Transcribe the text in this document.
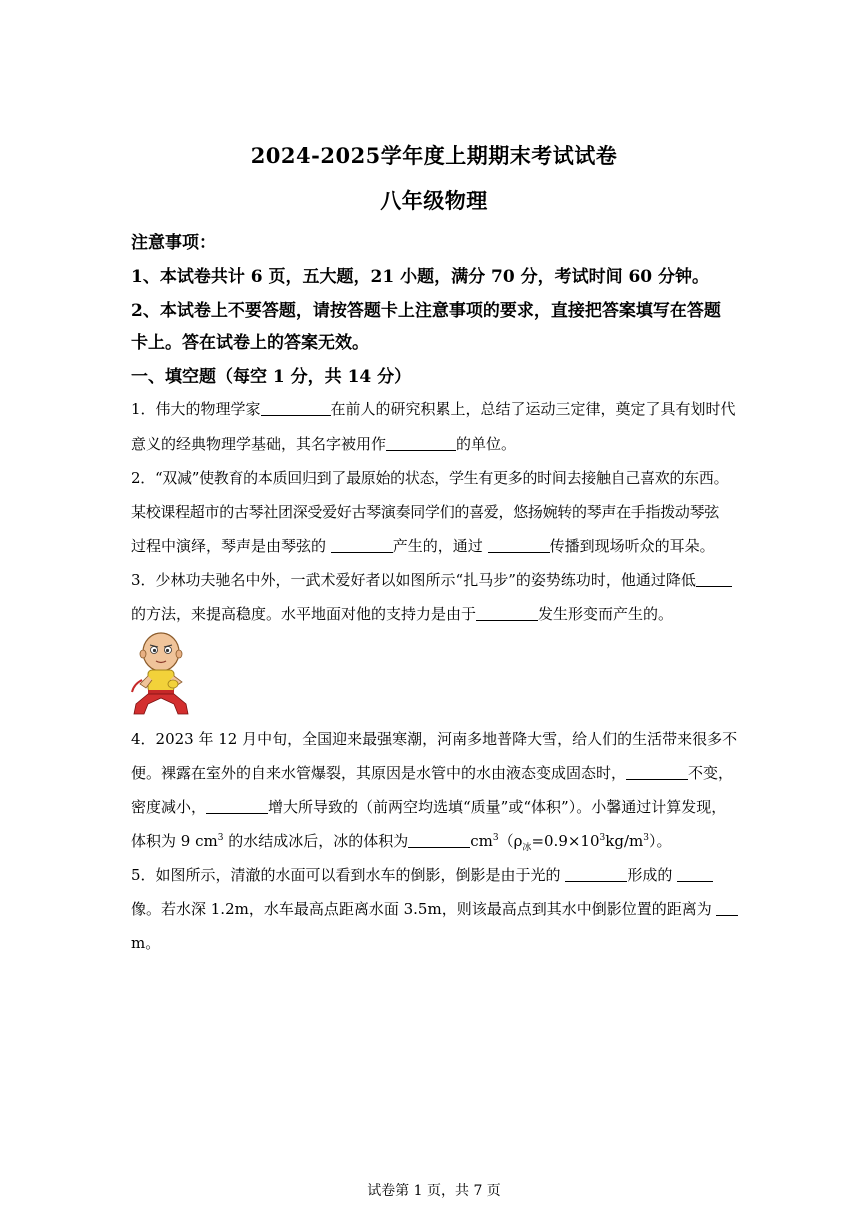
2024-2025学年度上期期末考试试卷
八年级物理
注意事项：
1、本试卷共计 6 页，五大题，21 小题，满分 70 分，考试时间 60 分钟。
2、本试卷上不要答题，请按答题卡上注意事项的要求，直接把答案填写在答题
卡上。答在试卷上的答案无效。
一、填空题（每空 1 分，共 14 分）
1．伟大的物理学家	在前人的研究积累上，总结了运动三定律，奠定了具有划时代
意义的经典物理学基础，其名字被用作	的单位。
2．“双减”使教育的本质回归到了最原始的状态，学生有更多的时间去接触自己喜欢的东西。
某校课程超市的古琴社团深受爱好古琴演奏同学们的喜爱，悠扬婉转的琴声在手指拨动琴弦
过程中演绎，琴声是由琴弦的	产生的，通过	传播到现场听众的耳朵。
3．少林功夫驰名中外，一武术爱好者以如图所示“扎马步”的姿势练功时，他通过降低
的方法，来提高稳度。水平地面对他的支持力是由于	发生形变而产生的。
4．2023 年 12 月中旬，全国迎来最强寒潮，河南多地普降大雪，给人们的生活带来很多不
便。裸露在室外的自来水管爆裂，其原因是水管中的水由液态变成固态时，	不变，
密度减小，	增大所导致的（前两空均选填“质量”或“体积”）。小馨通过计算发现，
体积为 9 $cm^3$ 的水结成冰后，冰的体积为	$cm^3(\rho_冰=0.9\times 10^3kg/m^3)$。
5．如图所示，清澈的水面可以看到水车的倒影，倒影是由于光的	形成的
像。若水深 1.2m，水车最高点距离水面 3.5m，则该最高点到其水中倒影位置的距离为
m。
试卷第 1 页，共 7 页
